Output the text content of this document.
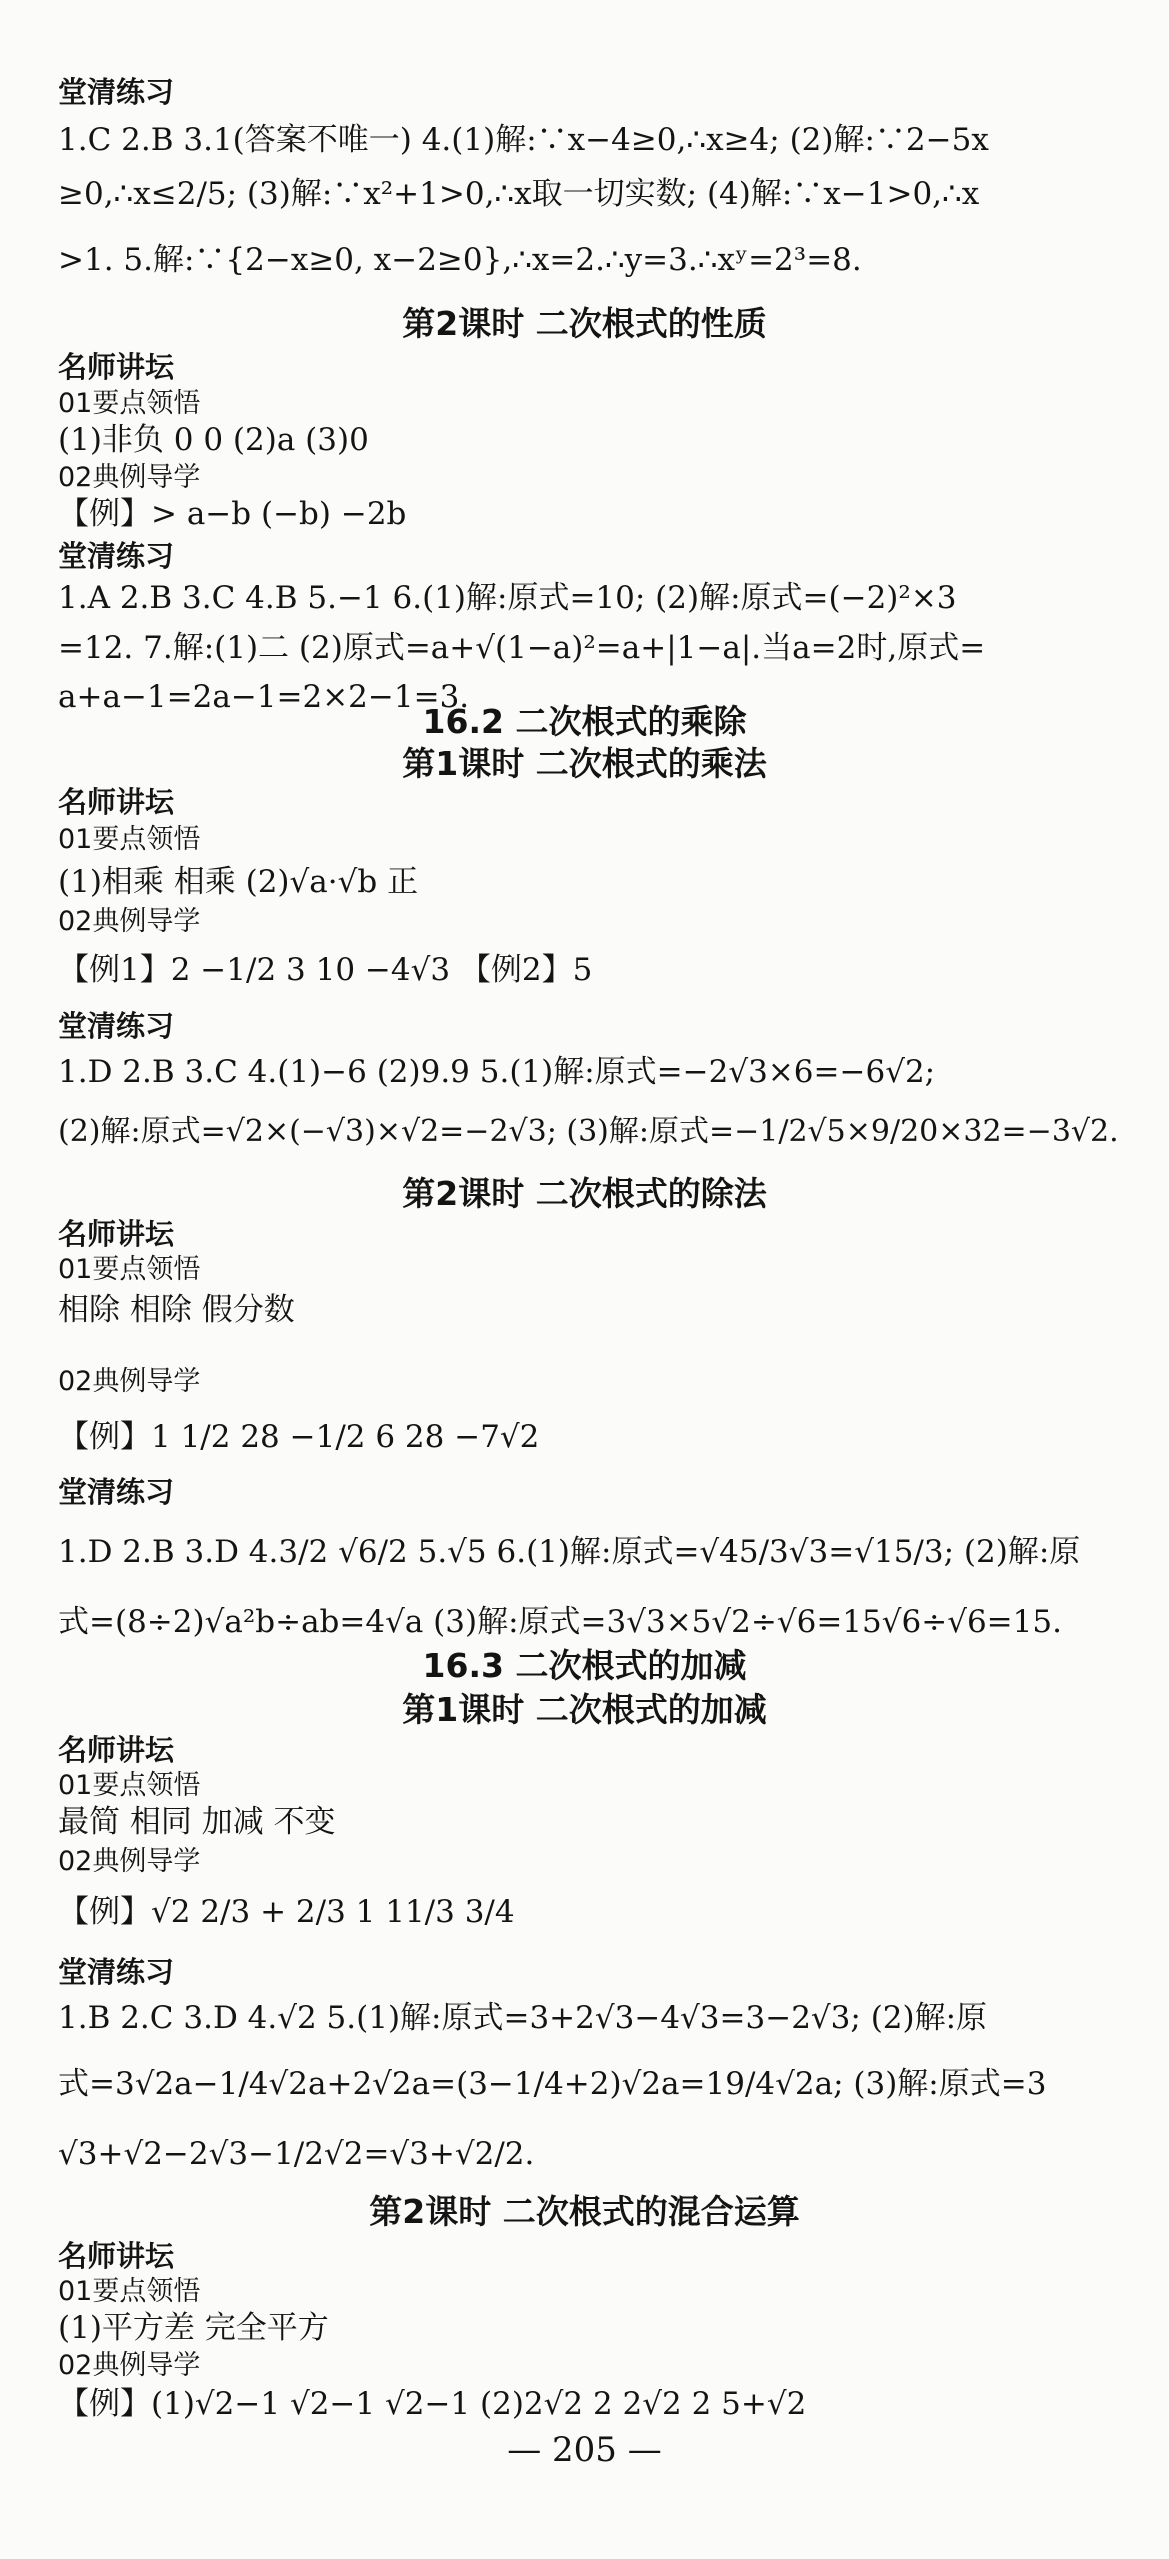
堂清练习
1.C 2.B 3.1(答案不唯一) 4.(1)解:∵x−4≥0,∴x≥4; (2)解:∵2−5x
≥0,∴x≤2/5; (3)解:∵x²+1>0,∴x取一切实数; (4)解:∵x−1>0,∴x
>1. 5.解:∵{2−x≥0, x−2≥0},∴x=2.∴y=3.∴xʸ=2³=8.
第2课时 二次根式的性质
名师讲坛
01要点领悟
(1)非负 0 0 (2)a (3)0
02典例导学
【例】> a−b (−b) −2b
堂清练习
1.A 2.B 3.C 4.B 5.−1 6.(1)解:原式=10; (2)解:原式=(−2)²×3
=12. 7.解:(1)二 (2)原式=a+√(1−a)²=a+|1−a|.当a=2时,原式=
a+a−1=2a−1=2×2−1=3.
16.2 二次根式的乘除
第1课时 二次根式的乘法
名师讲坛
01要点领悟
(1)相乘 相乘 (2)√a·√b 正
02典例导学
【例1】2 −1/2 3 10 −4√3 【例2】5
堂清练习
1.D 2.B 3.C 4.(1)−6 (2)9.9 5.(1)解:原式=−2√3×6=−6√2;
(2)解:原式=√2×(−√3)×√2=−2√3; (3)解:原式=−1/2√5×9/20×32=−3√2.
第2课时 二次根式的除法
名师讲坛
01要点领悟
相除 相除 假分数
02典例导学
【例】1 1/2 28 −1/2 6 28 −7√2
堂清练习
1.D 2.B 3.D 4.3/2 √6/2 5.√5 6.(1)解:原式=√45/3√3=√15/3; (2)解:原
式=(8÷2)√a²b÷ab=4√a (3)解:原式=3√3×5√2÷√6=15√6÷√6=15.
16.3 二次根式的加减
第1课时 二次根式的加减
名师讲坛
01要点领悟
最简 相同 加减 不变
02典例导学
【例】√2 2/3 + 2/3 1 11/3 3/4
堂清练习
1.B 2.C 3.D 4.√2 5.(1)解:原式=3+2√3−4√3=3−2√3; (2)解:原
式=3√2a−1/4√2a+2√2a=(3−1/4+2)√2a=19/4√2a; (3)解:原式=3
√3+√2−2√3−1/2√2=√3+√2/2.
第2课时 二次根式的混合运算
名师讲坛
01要点领悟
(1)平方差 完全平方
02典例导学
【例】(1)√2−1 √2−1 √2−1 (2)2√2 2 2√2 2 5+√2
— 205 —
